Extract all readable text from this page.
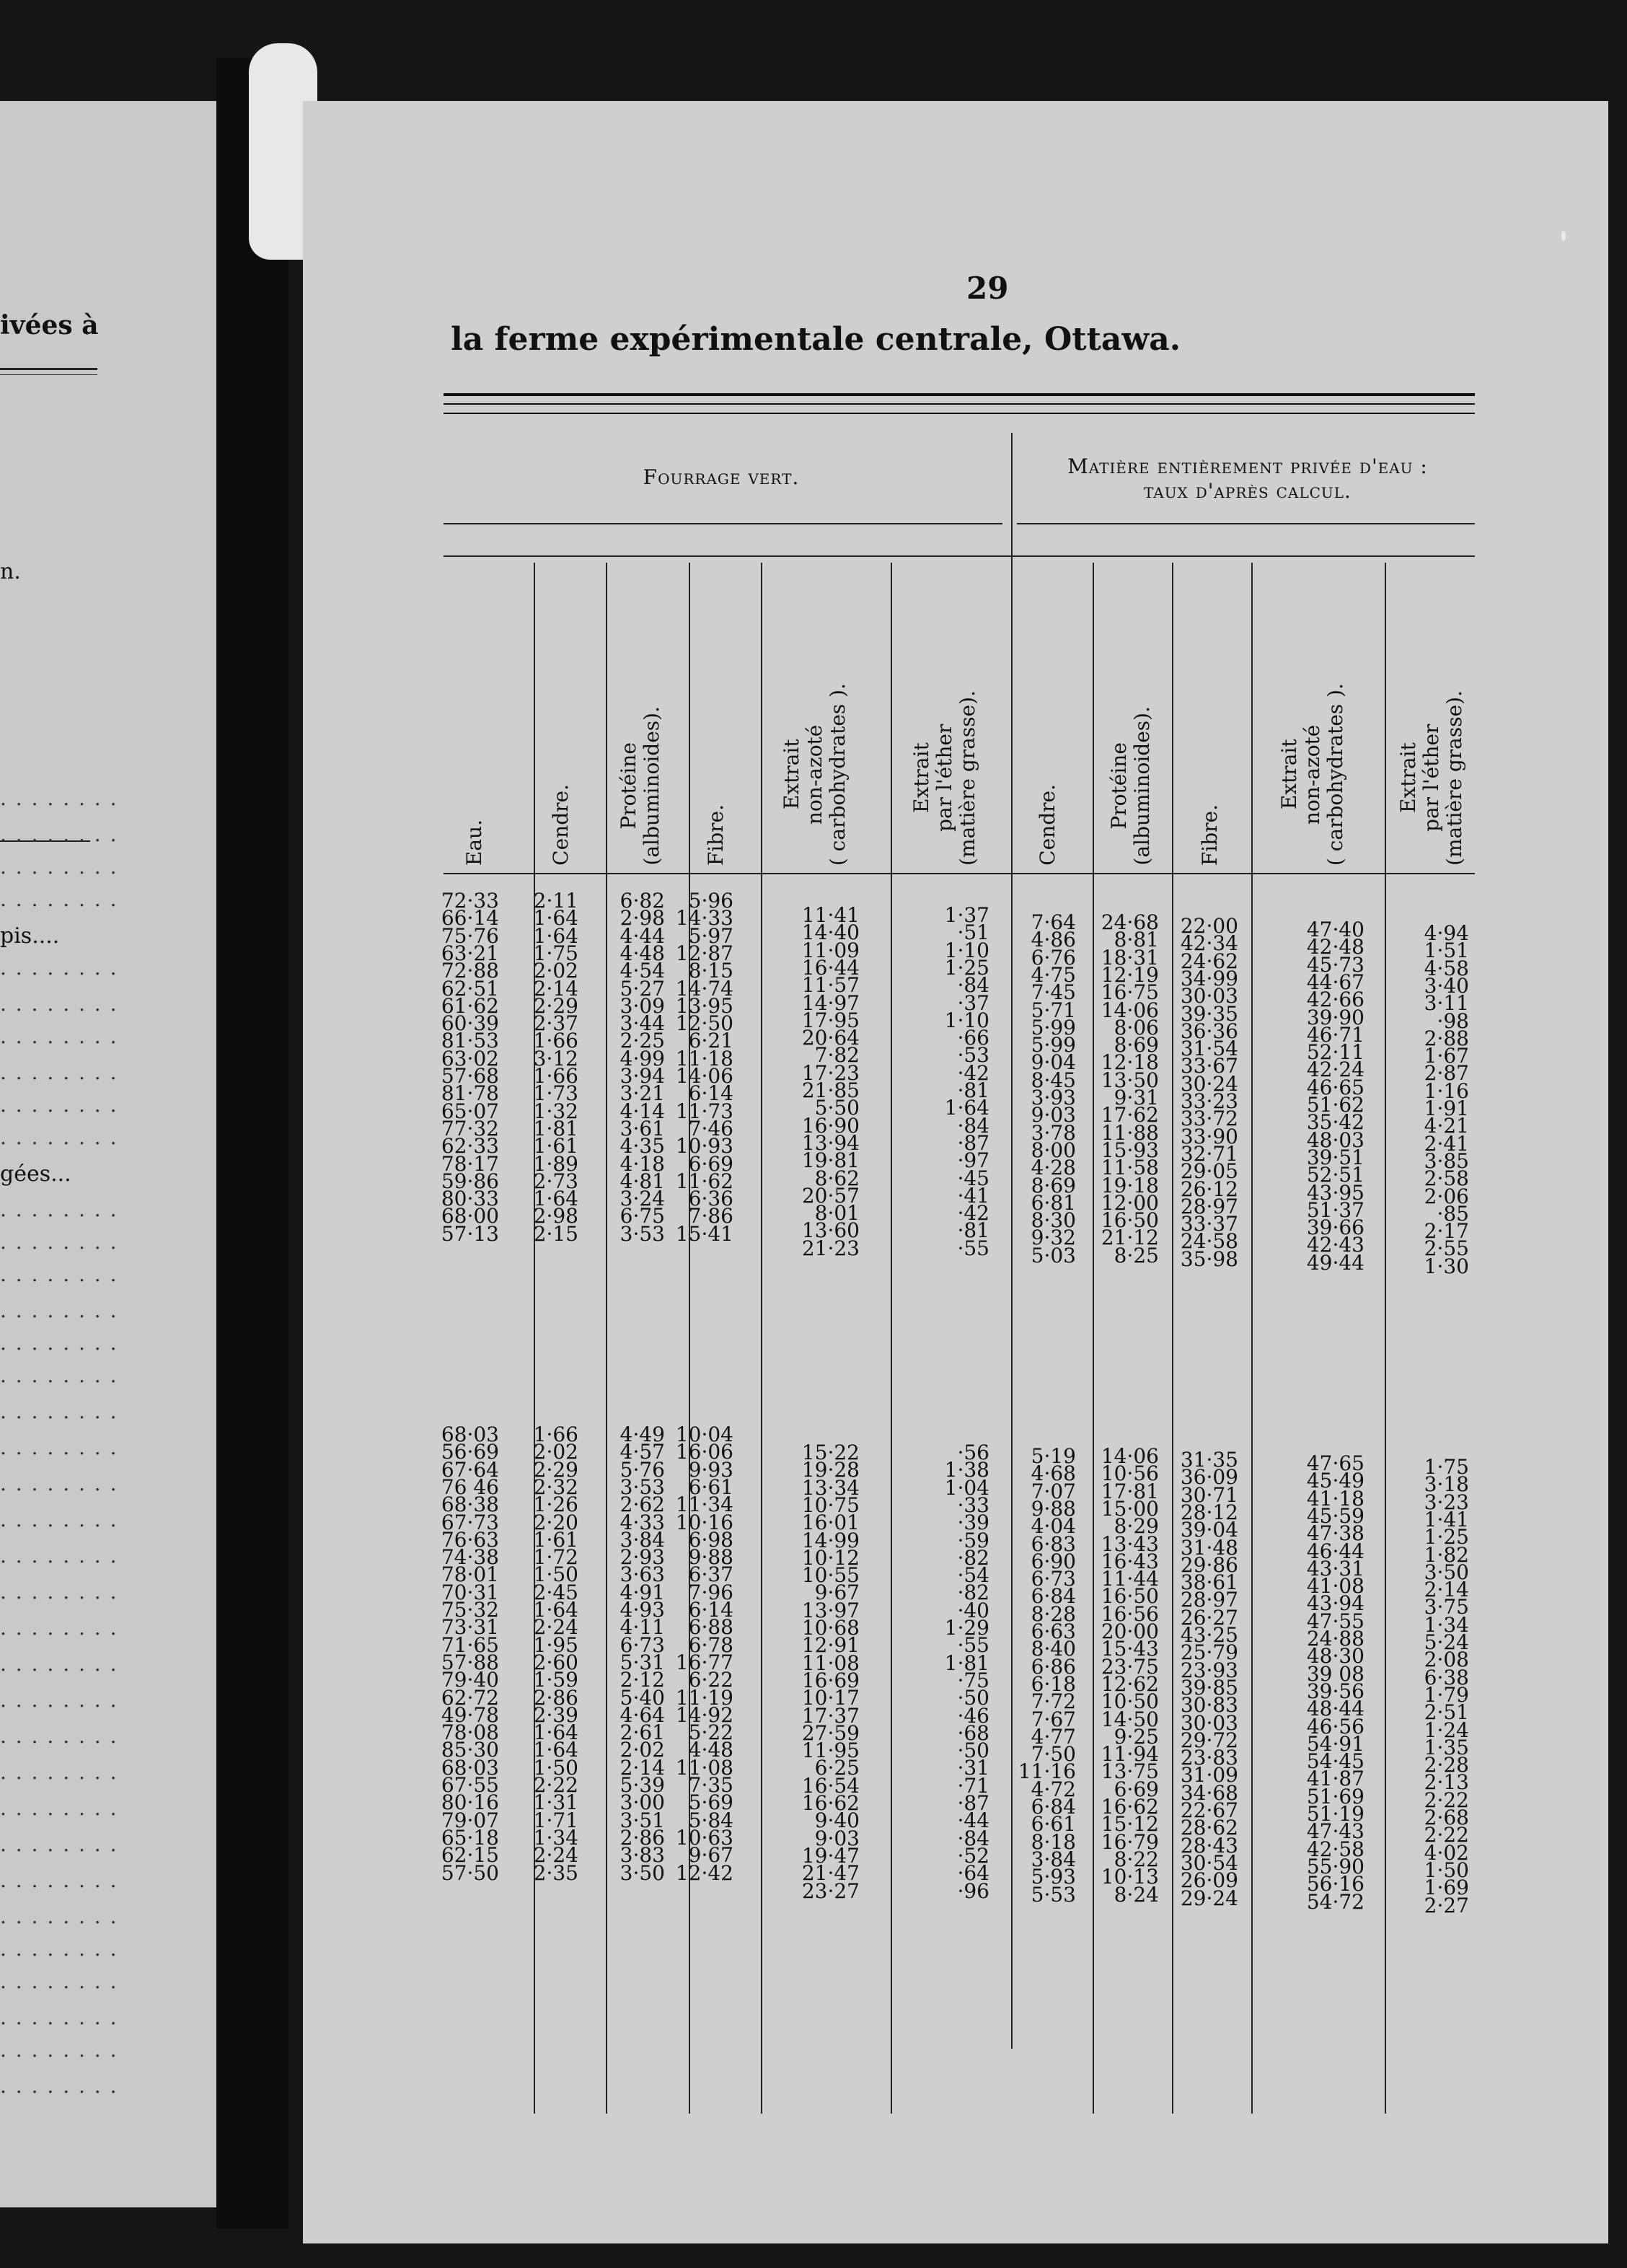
ivées à
n.
pis....
gées...
. . . . . . . .
. . . . . . . .
. . . . . . . .
. . . . . . . .
. . . . . . . .
. . . . . . . .
. . . . . . . .
. . . . . . . .
. . . . . . . .
. . . . . . . .
. . . . . . . .
. . . . . . . .
. . . . . . . .
. . . . . . . .
. . . . . . . .
. . . . . . . .
. . . . . . . .
. . . . . . . .
. . . . . . . .
. . . . . . . .
. . . . . . . .
. . . . . . . .
. . . . . . . .
. . . . . . . .
. . . . . . . .
. . . . . . . .
. . . . . . . .
. . . . . . . .
. . . . . . . .
. . . . . . . .
. . . . . . . .
. . . . . . . .
. . . . . . . .
. . . . . . . .
. . . . . . . .
. . . . . . . .
29
la ferme expérimentale centrale, Ottawa.
Fourrage vert.	Matière entièrement privée d'eau :
taux d'après calcul.
Eau.	Cendre. Protéine
(albuminoides). Fibre.
Extrait
non-azoté
( carbohydrates ).
Extrait
par l'éther
(matière grasse).
Cendre. Protéine
(albuminoides). Fibre.
Extrait
non-azoté
( carbohydrates ).
Extrait
par l'éther
(matière grasse).
72·33
66·14
75·76
63·21
72·88
62·51
61·62
60·39
81·53
63·02
57·68
81·78
65·07
77·32
62·33
78·17
59·86
80·33
68·00
57·13
68·03
56·69
67·64
76 46
68·38
67·73
76·63
74·38
78·01
70·31
75·32
73·31
71·65
57·88
79·40
62·72
49·78
78·08
85·30
68·03
67·55
80·16
79·07
65·18
62·15
57·50
2·11
1·64
1·64
1·75
2·02
2·14
2·29
2·37
1·66
3·12
1·66
1·73
1·32
1·81
1·61
1·89
2·73
1·64
2·98
2·15
1·66
2·02
2·29
2·32
1·26
2·20
1·61
1·72
1·50
2·45
1·64
2·24
1·95
2·60
1·59
2·86
2·39
1·64
1·64
1·50
2·22
1·31
1·71
1·34
2·24
2·35
6·82
2·98
4·44
4·48
4·54
5·27
3·09
3·44
2·25
4·99
3·94
3·21
4·14
3·61
4·35
4·18
4·81
3·24
6·75
3·53
4·49
4·57
5·76
3·53
2·62
4·33
3·84
2·93
3·63
4·91
4·93
4·11
6·73
5·31
2·12
5·40
4·64
2·61
2·02
2·14
5·39
3·00
3·51
2·86
3·83
3·50
5·96
14·33
5·97
12·87
8·15
14·74
13·95
12·50
6·21
11·18
14·06
6·14
11·73
7·46
10·93
6·69
11·62
6·36
7·86
15·41
10·04
16·06
9·93
6·61
11·34
10·16
6·98
9·88
6·37
7·96
6·14
6·88
6·78
16·77
6·22
11·19
14·92
5·22
4·48
11·08
7·35
5·69
5·84
10·63
9·67
12·42
11·41
14·40
11·09
16·44
11·57
14·97
17·95
20·64
7·82
17·23
21·85
5·50
16·90
13·94
19·81
8·62
20·57
8·01
13·60
21·23
15·22
19·28
13·34
10·75
16·01
14·99
10·12
10·55
9·67
13·97
10·68
12·91
11·08
16·69
10·17
17·37
27·59
11·95
6·25
16·54
16·62
9·40
9·03
19·47
21·47
23·27
1·37
·51
1·10
1·25
·84
·37
1·10
·66
·53
·42
·81
1·64
·84
·87
·97
·45
·41
·42
·81
·55
·56
1·38
1·04
·33
·39
·59
·82
·54
·82
·40
1·29
·55
1·81
·75
·50
·46
·68
·50
·31
·71
·87
·44
·84
·52
·64
·96
7·64
4·86
6·76
4·75
7·45
5·71
5·99
5·99
9·04
8·45
3·93
9·03
3·78
8·00
4·28
8·69
6·81
8·30
9·32
5·03
5·19
4·68
7·07
9·88
4·04
6·83
6·90
6·73
6·84
8·28
6·63
8·40
6·86
6·18
7·72
7·67
4·77
7·50
11·16
4·72
6·84
6·61
8·18
3·84
5·93
5·53
24·68
8·81
18·31
12·19
16·75
14·06
8·06
8·69
12·18
13·50
9·31
17·62
11·88
15·93
11·58
19·18
12·00
16·50
21·12
8·25
14·06
10·56
17·81
15·00
8·29
13·43
16·43
11·44
16·50
16·56
20·00
15·43
23·75
12·62
10·50
14·50
9·25
11·94
13·75
6·69
16·62
15·12
16·79
8·22
10·13
8·24
22·00
42·34
24·62
34·99
30·03
39·35
36·36
31·54
33·67
30·24
33·23
33·72
33·90
32·71
29·05
26·12
28·97
33·37
24·58
35·98
31·35
36·09
30·71
28·12
39·04
31·48
29·86
38·61
28·97
26·27
43·25
25·79
23·93
39·85
30·83
30·03
29·72
23·83
31·09
34·68
22·67
28·62
28·43
30·54
26·09
29·24
47·40
42·48
45·73
44·67
42·66
39·90
46·71
52·11
42·24
46·65
51·62
35·42
48·03
39·51
52·51
43·95
51·37
39·66
42·43
49·44
47·65
45·49
41·18
45·59
47·38
46·44
43·31
41·08
43·94
47·55
24·88
48·30
39 08
39·56
48·44
46·56
54·91
54·45
41·87
51·69
51·19
47·43
42·58
55·90
56·16
54·72
4·94
1·51
4·58
3·40
3·11
·98
2·88
1·67
2·87
1·16
1·91
4·21
2·41
3·85
2·58
2·06
·85
2·17
2·55
1·30
1·75
3·18
3·23
1·41
1·25
1·82
3·50
2·14
3·75
1·34
5·24
2·08
6·38
1·79
2·51
1·24
1·35
2·28
2·13
2·22
2·68
2·22
4·02
1·50
1·69
2·27
